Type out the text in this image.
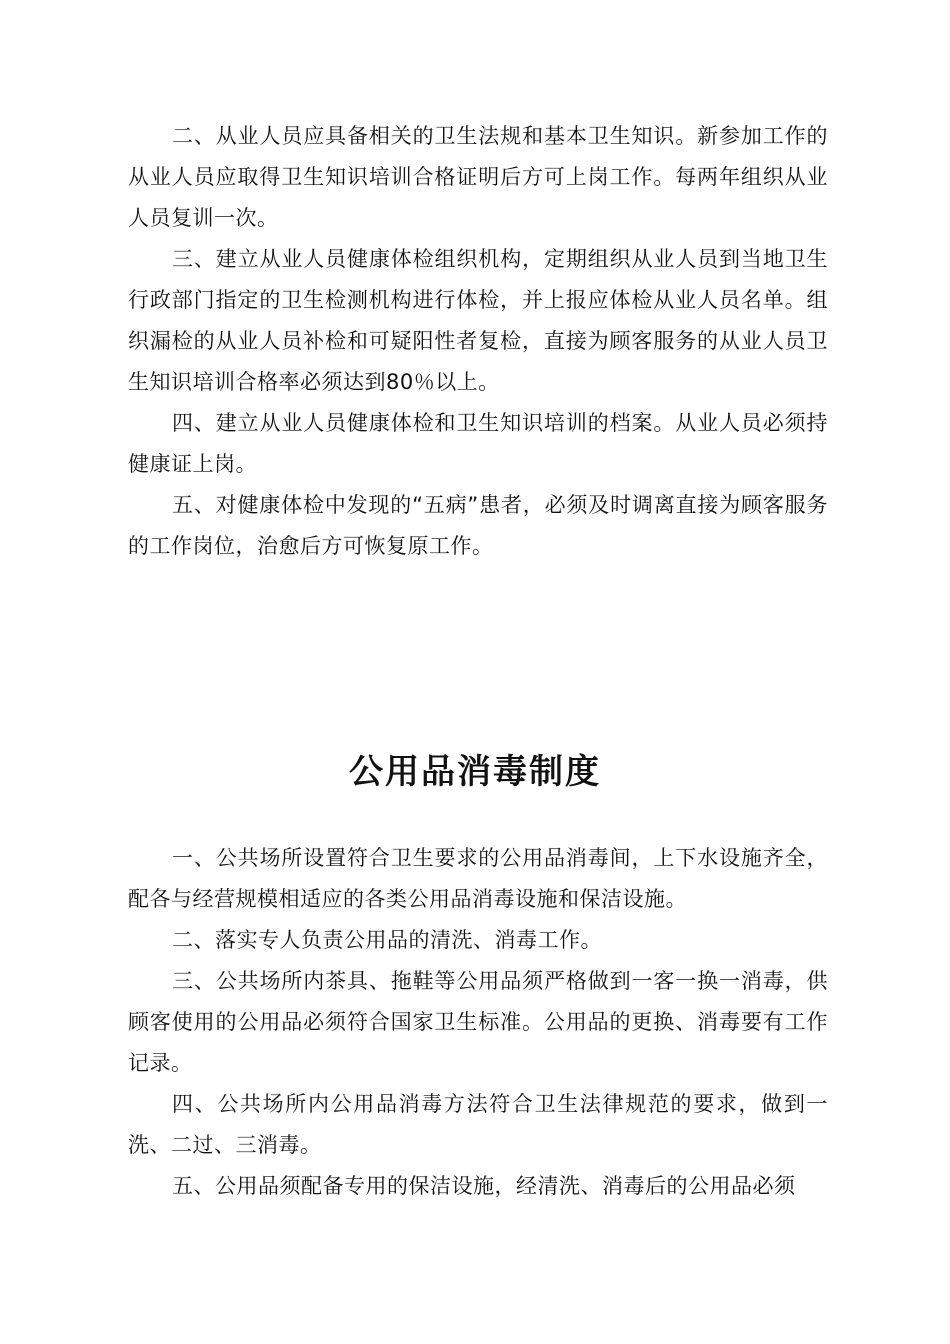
二、从业人员应具备相关的卫生法规和基本卫生知识。新参加工作的从业人员应取得卫生知识培训合格证明后方可上岗工作。每两年组织从业人员复训一次。

三、建立从业人员健康体检组织机构，定期组织从业人员到当地卫生行政部门指定的卫生检测机构进行体检，并上报应体检从业人员名单。组织漏检的从业人员补检和可疑阳性者复检，直接为顾客服务的从业人员卫生知识培训合格率必须达到80％以上。

四、建立从业人员健康体检和卫生知识培训的档案。从业人员必须持健康证上岗。

五、对健康体检中发现的“五病”患者，必须及时调离直接为顾客服务的工作岗位，治愈后方可恢复原工作。

公用品消毒制度

一、公共场所设置符合卫生要求的公用品消毒间，上下水设施齐全，配各与经营规模相适应的各类公用品消毒设施和保洁设施。

二、落实专人负责公用品的清洗、消毒工作。

三、公共场所内茶具、拖鞋等公用品须严格做到一客一换一消毒，供顾客使用的公用品必须符合国家卫生标准。公用品的更换、消毒要有工作记录。

四、公共场所内公用品消毒方法符合卫生法律规范的要求，做到一洗、二过、三消毒。

五、公用品须配备专用的保洁设施，经清洗、消毒后的公用品必须
